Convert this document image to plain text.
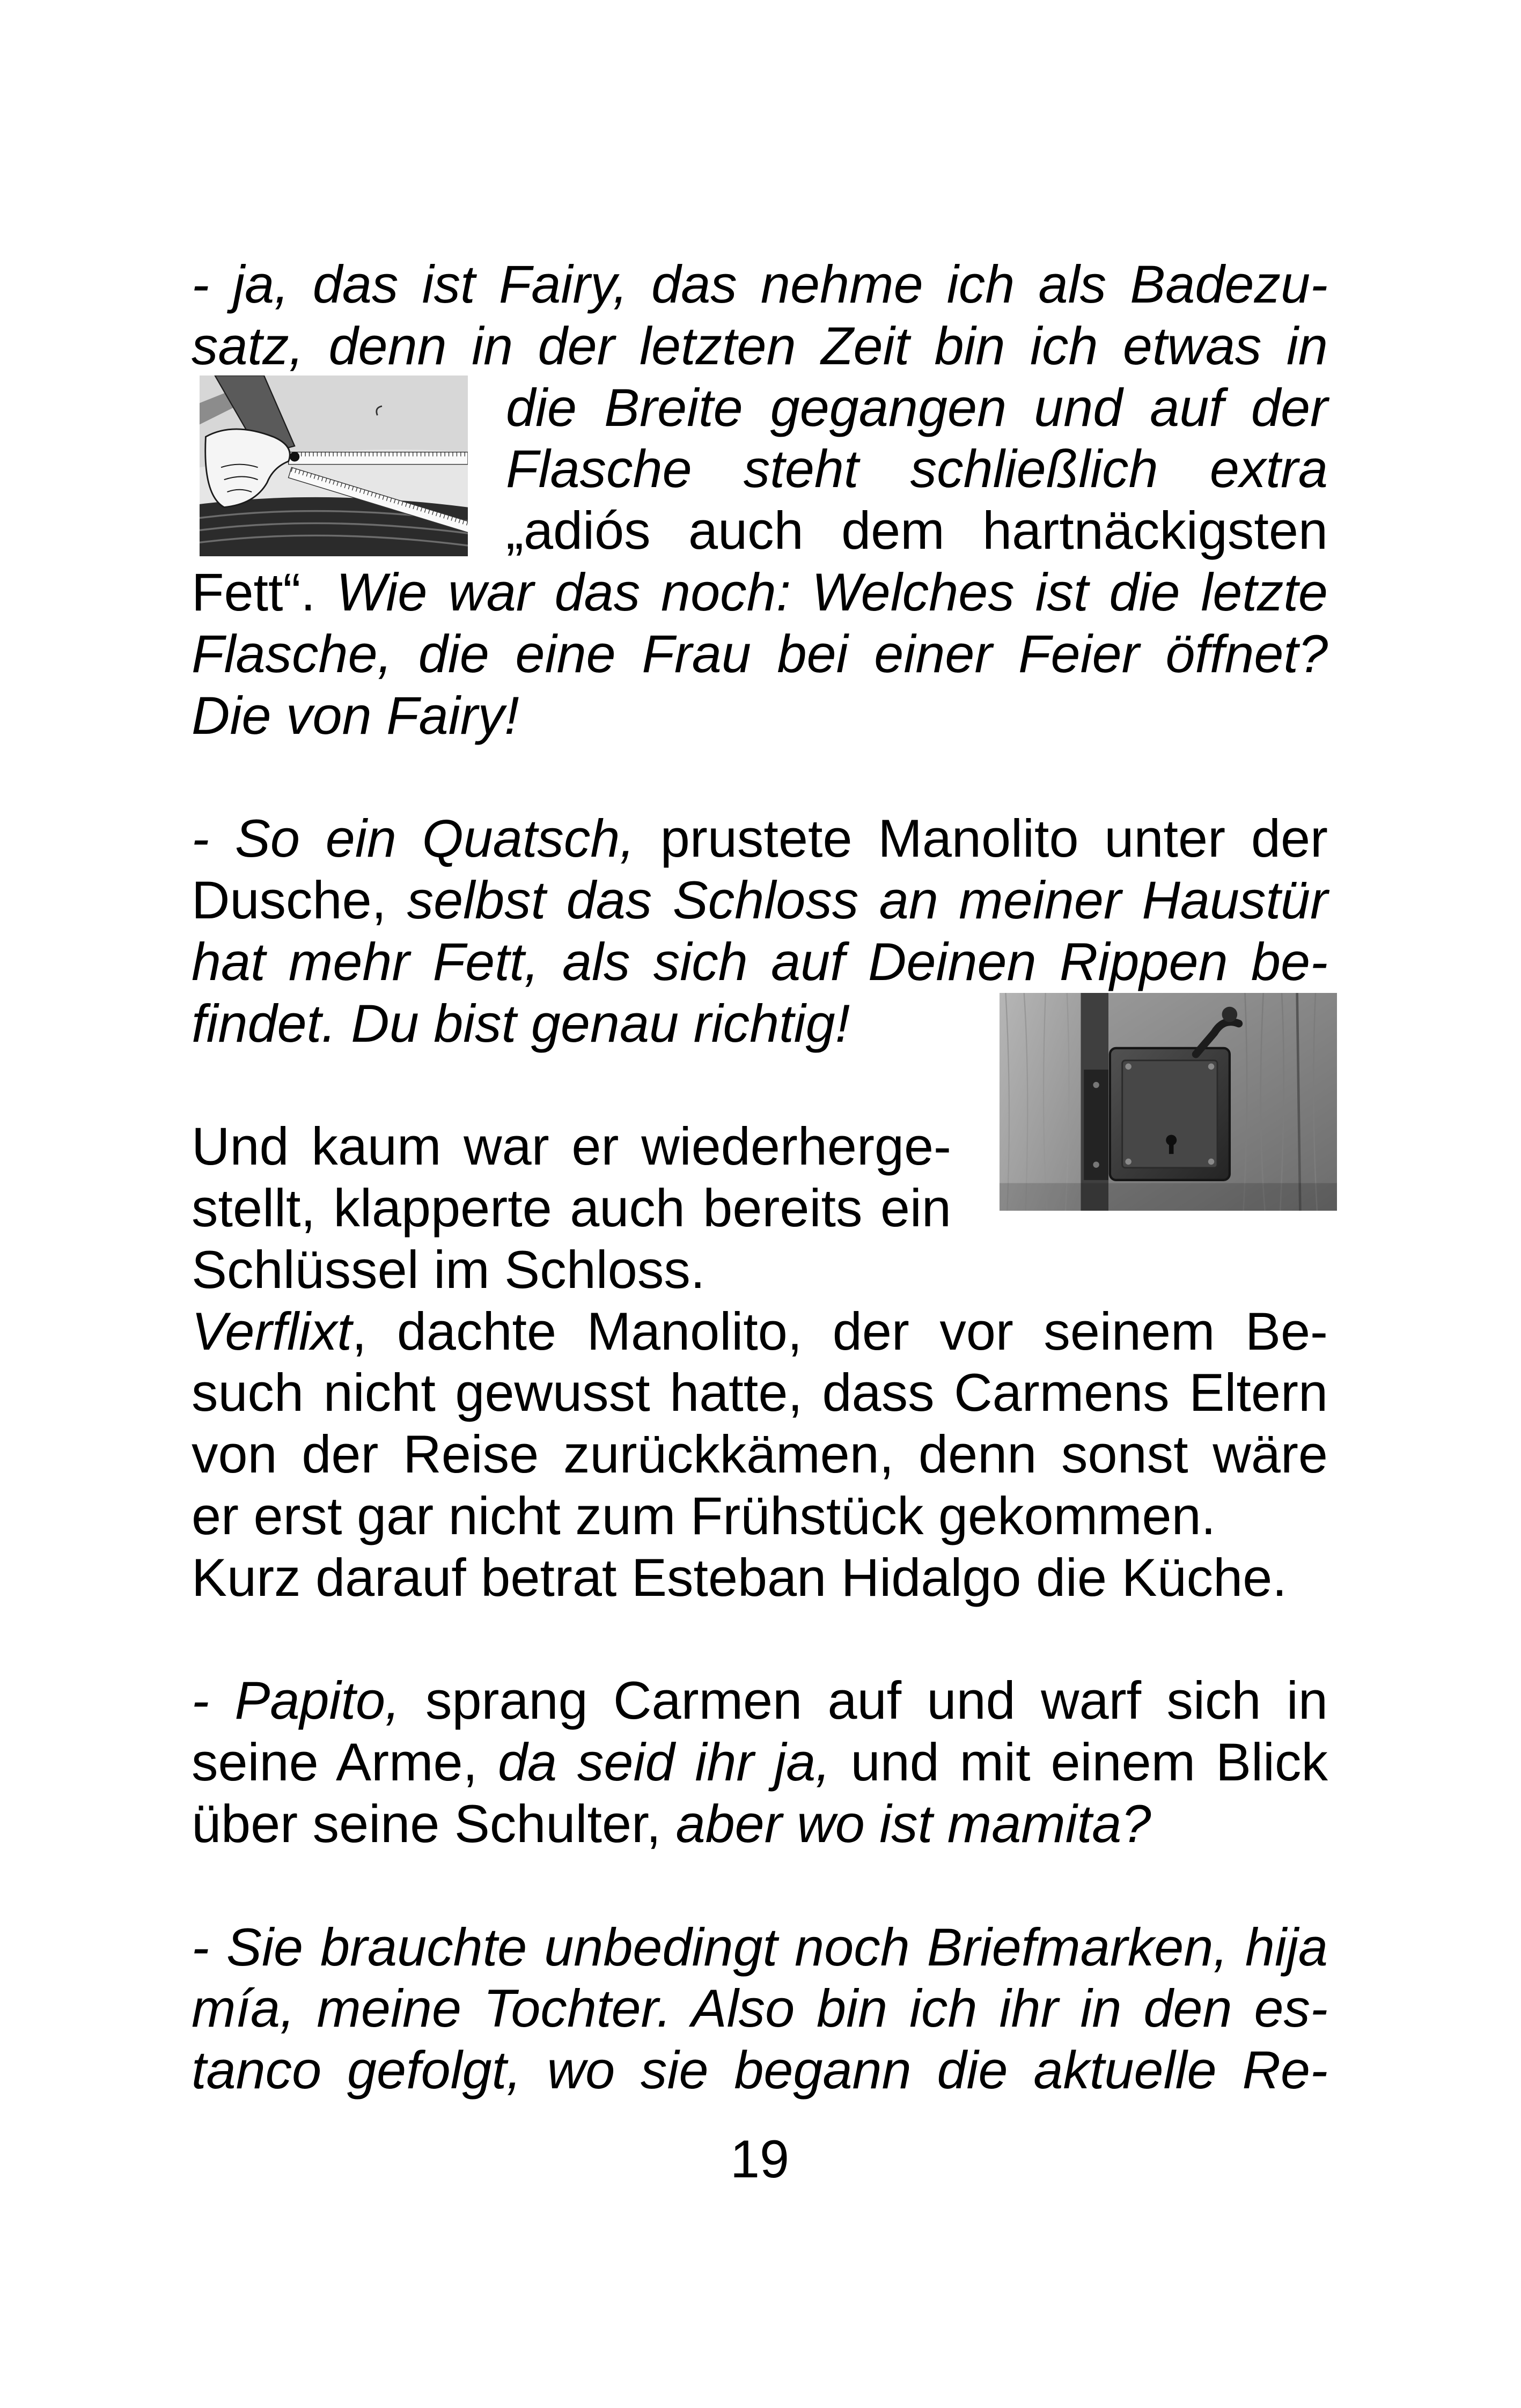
- ja, das ist Fairy, das nehme ich als Badezu-
satz, denn in der letzten Zeit bin ich etwas in
die Breite gegangen und auf der
Flasche steht schließlich extra
„adiós auch dem hartnäckigsten
Fett“. Wie war das noch: Welches ist die letzte
Flasche, die eine Frau bei einer Feier öffnet?
Die von Fairy!
- So ein Quatsch, prustete Manolito unter der
Dusche, selbst das Schloss an meiner Haustür
hat mehr Fett, als sich auf Deinen Rippen be-
findet. Du bist genau richtig!
Und kaum war er wiederherge-
stellt, klapperte auch bereits ein
Schlüssel im Schloss.
Verflixt, dachte Manolito, der vor seinem Be-
such nicht gewusst hatte, dass Carmens Eltern
von der Reise zurückkämen, denn sonst wäre
er erst gar nicht zum Frühstück gekommen.
Kurz darauf betrat Esteban Hidalgo die Küche.
- Papito, sprang Carmen auf und warf sich in
seine Arme, da seid ihr ja, und mit einem Blick
über seine Schulter, aber wo ist mamita?
- Sie brauchte unbedingt noch Briefmarken, hija
mía, meine Tochter. Also bin ich ihr in den es-
tanco gefolgt, wo sie begann die aktuelle Re-
19
